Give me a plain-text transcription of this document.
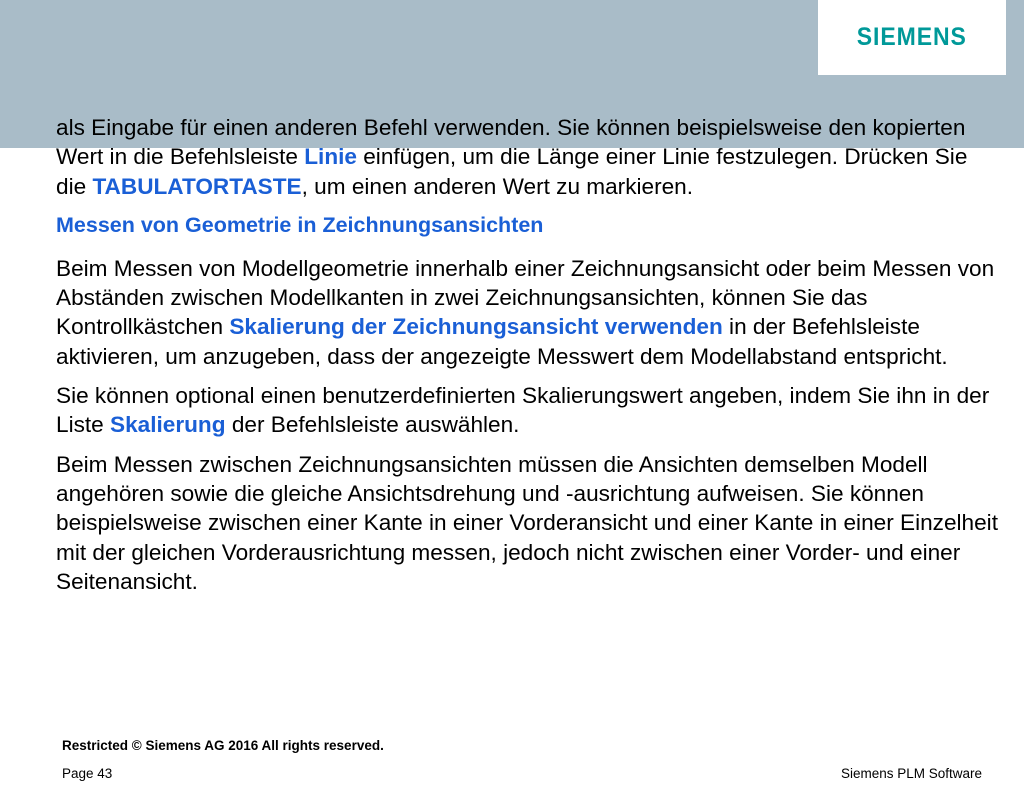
SIEMENS

als Eingabe für einen anderen Befehl verwenden. Sie können beispielsweise den kopierten Wert in die Befehlsleiste Linie einfügen, um die Länge einer Linie festzulegen. Drücken Sie die TABULATORTASTE, um einen anderen Wert zu markieren.

Messen von Geometrie in Zeichnungsansichten

Beim Messen von Modellgeometrie innerhalb einer Zeichnungsansicht oder beim Messen von Abständen zwischen Modellkanten in zwei Zeichnungsansichten, können Sie das Kontrollkästchen Skalierung der Zeichnungsansicht verwenden in der Befehlsleiste aktivieren, um anzugeben, dass der angezeigte Messwert dem Modellabstand entspricht.

Sie können optional einen benutzerdefinierten Skalierungswert angeben, indem Sie ihn in der Liste Skalierung der Befehlsleiste auswählen.

Beim Messen zwischen Zeichnungsansichten müssen die Ansichten demselben Modell angehören sowie die gleiche Ansichtsdrehung und -ausrichtung aufweisen. Sie können beispielsweise zwischen einer Kante in einer Vorderansicht und einer Kante in einer Einzelheit mit der gleichen Vorderausrichtung messen, jedoch nicht zwischen einer Vorder- und einer Seitenansicht.

Restricted © Siemens AG 2016 All rights reserved.
Page 43	Siemens PLM Software
